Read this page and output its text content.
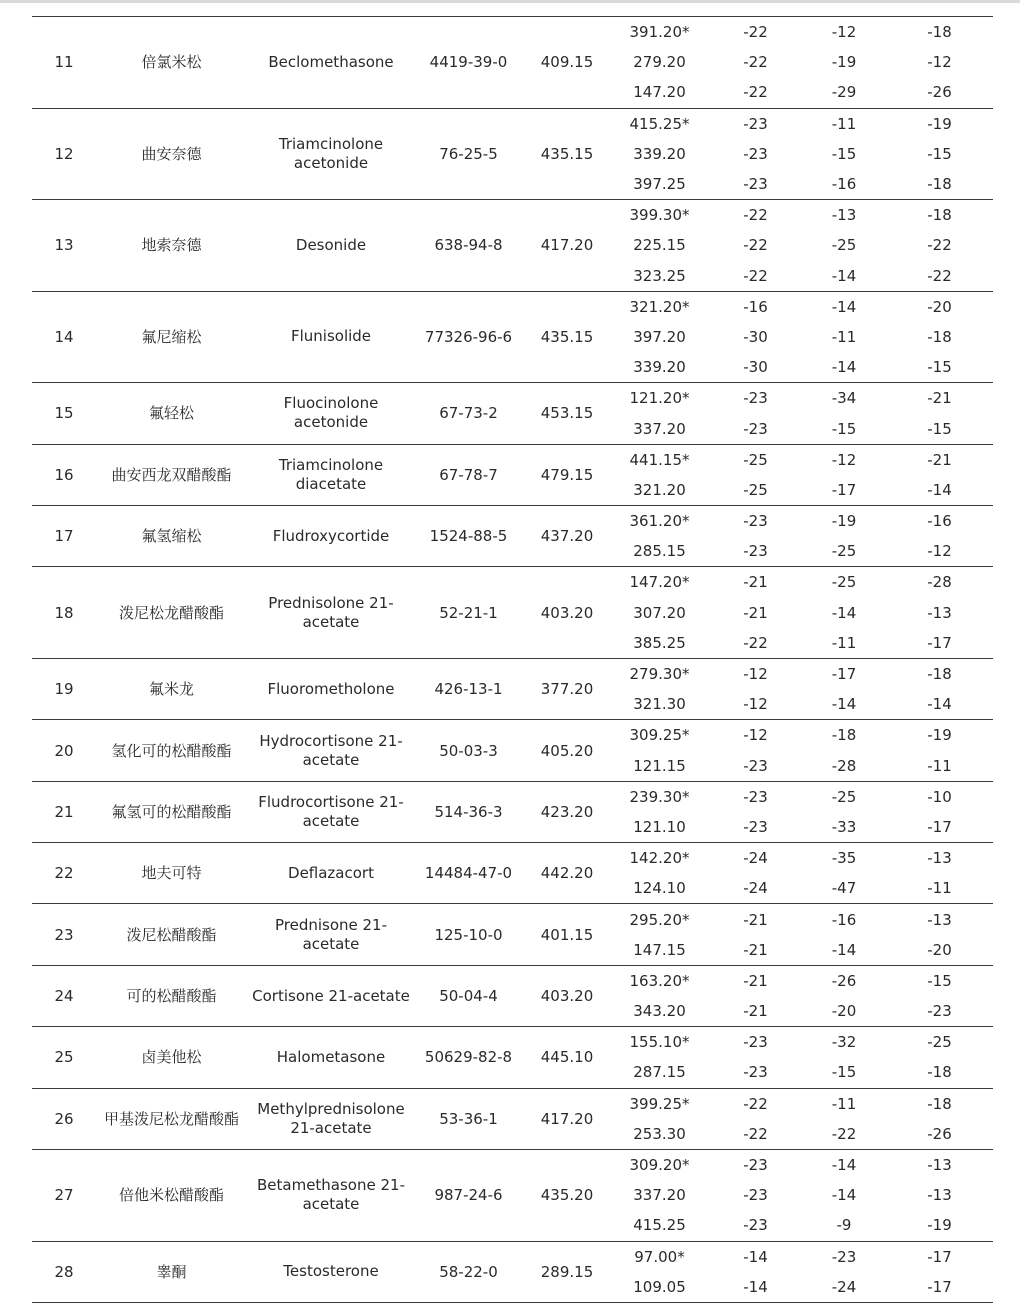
11	倍氯米松	Beclomethasone	4419-39-0	409.15	391.20*	-22	-12	-18
					279.20	-22	-19	-12
					147.20	-22	-29	-26
12	曲安奈德	Triamcinolone acetonide	76-25-5	435.15	415.25*	-23	-11	-19
					339.20	-23	-15	-15
					397.25	-23	-16	-18
13	地索奈德	Desonide	638-94-8	417.20	399.30*	-22	-13	-18
					225.15	-22	-25	-22
					323.25	-22	-14	-22
14	氟尼缩松	Flunisolide	77326-96-6	435.15	321.20*	-16	-14	-20
					397.20	-30	-11	-18
					339.20	-30	-14	-15
15	氟轻松	Fluocinolone acetonide	67-73-2	453.15	121.20*	-23	-34	-21
					337.20	-23	-15	-15
16	曲安西龙双醋酸酯	Triamcinolone diacetate	67-78-7	479.15	441.15*	-25	-12	-21
					321.20	-25	-17	-14
17	氟氢缩松	Fludroxycortide	1524-88-5	437.20	361.20*	-23	-19	-16
					285.15	-23	-25	-12
18	泼尼松龙醋酸酯	Prednisolone 21-acetate	52-21-1	403.20	147.20*	-21	-25	-28
					307.20	-21	-14	-13
					385.25	-22	-11	-17
19	氟米龙	Fluorometholone	426-13-1	377.20	279.30*	-12	-17	-18
					321.30	-12	-14	-14
20	氢化可的松醋酸酯	Hydrocortisone 21-acetate	50-03-3	405.20	309.25*	-12	-18	-19
					121.15	-23	-28	-11
21	氟氢可的松醋酸酯	Fludrocortisone 21-acetate	514-36-3	423.20	239.30*	-23	-25	-10
					121.10	-23	-33	-17
22	地夫可特	Deflazacort	14484-47-0	442.20	142.20*	-24	-35	-13
					124.10	-24	-47	-11
23	泼尼松醋酸酯	Prednisone 21-acetate	125-10-0	401.15	295.20*	-21	-16	-13
					147.15	-21	-14	-20
24	可的松醋酸酯	Cortisone 21-acetate	50-04-4	403.20	163.20*	-21	-26	-15
					343.20	-21	-20	-23
25	卤美他松	Halometasone	50629-82-8	445.10	155.10*	-23	-32	-25
					287.15	-23	-15	-18
26	甲基泼尼松龙醋酸酯	Methylprednisolone 21-acetate	53-36-1	417.20	399.25*	-22	-11	-18
					253.30	-22	-22	-26
27	倍他米松醋酸酯	Betamethasone 21-acetate	987-24-6	435.20	309.20*	-23	-14	-13
					337.20	-23	-14	-13
					415.25	-23	-9	-19
28	睾酮	Testosterone	58-22-0	289.15	97.00*	-14	-23	-17
					109.05	-14	-24	-17
